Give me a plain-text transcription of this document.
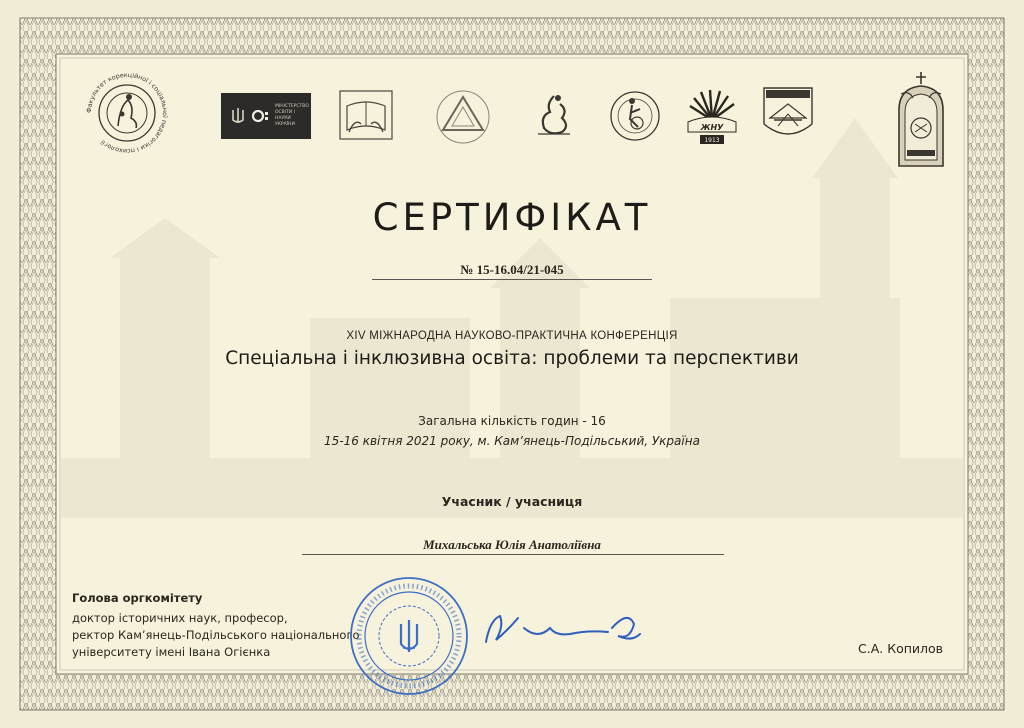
Факультет корекційної і соціальної педагогіки і психології
МІНІСТЕРСТВО ОСВІТИ І НАУКИ УКРАЇНИ	ЖНУ
1913
СЕРТИФІКАТ
№ 15-16.04/21-045
XIV МІЖНАРОДНА НАУКОВО-ПРАКТИЧНА КОНФЕРЕНЦІЯ
Спеціальна і інклюзивна освіта: проблеми та перспективи
Загальна кількість годин - 16
15-16 квітня 2021 року, м. Кам’янець-Подільський, Україна
Учасник / учасниця
Михальська Юлія Анатоліївна
Голова оргкомітету
доктор історичних наук, професор,
ректор Кам’янець-Подільського національного
університету імені Івана Огієнка	С.А. Копилов
